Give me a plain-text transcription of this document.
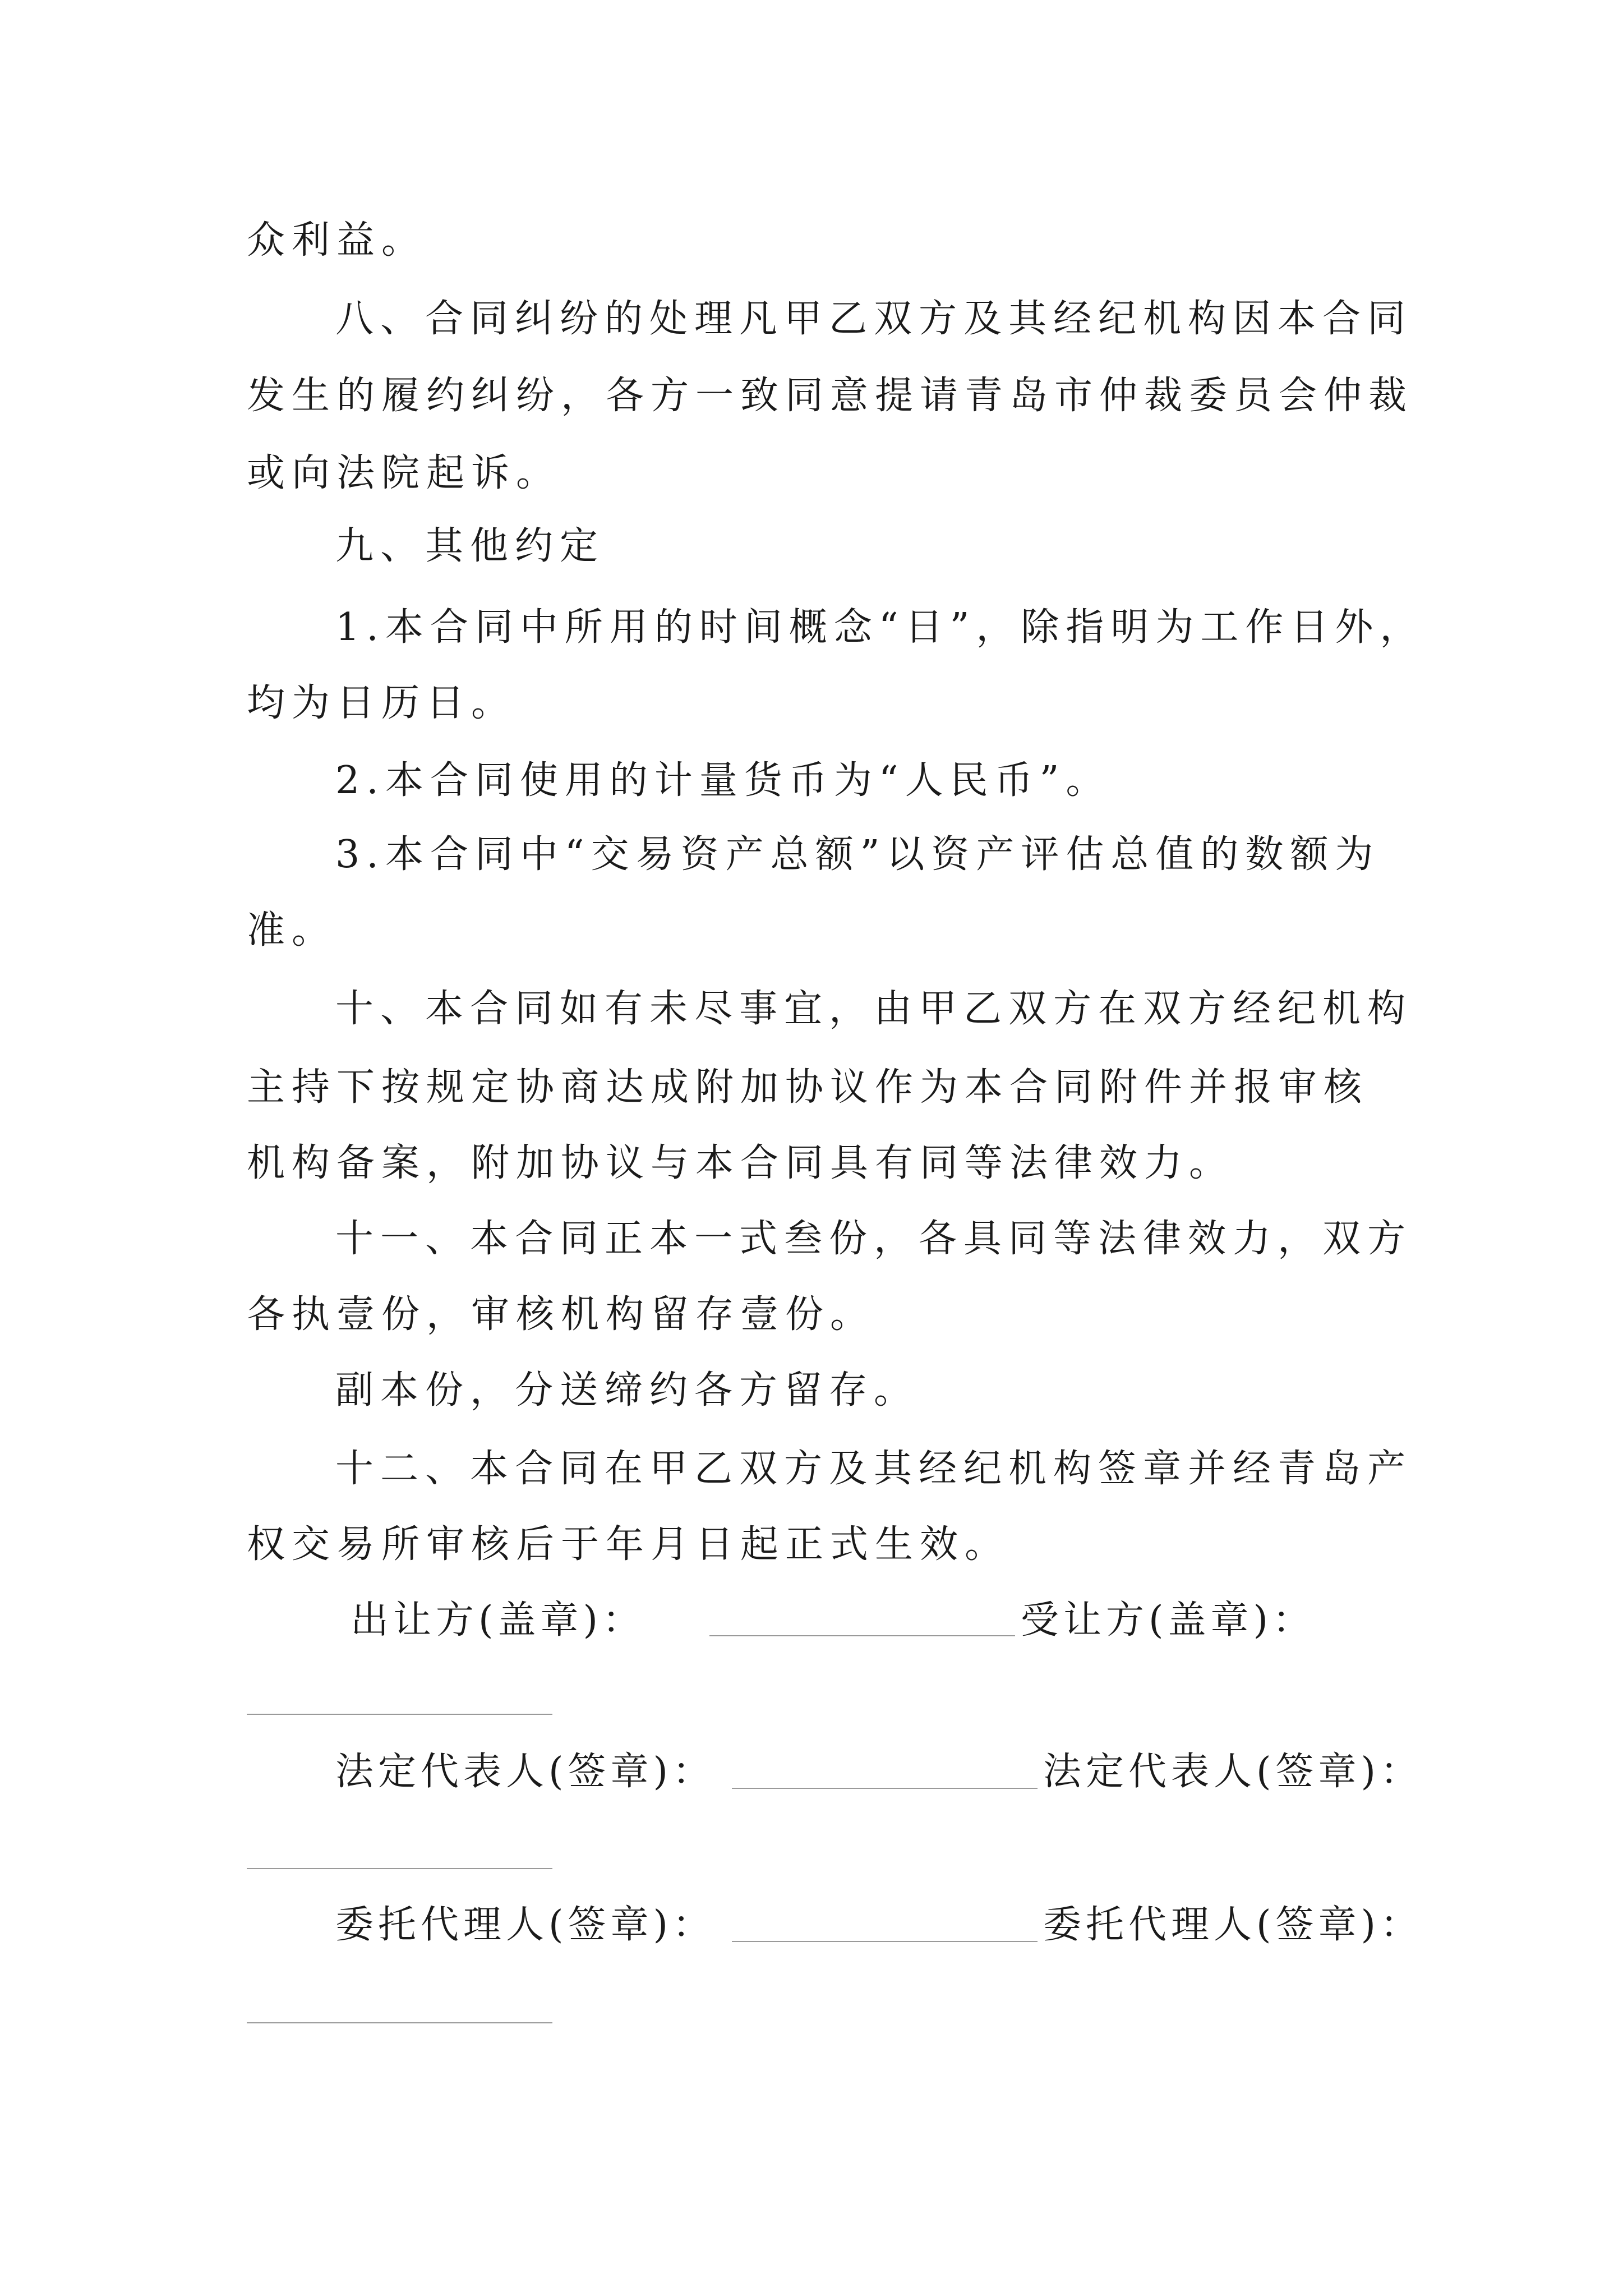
众利益。
八、合同纠纷的处理凡甲乙双方及其经纪机构因本合同
发生的履约纠纷，各方一致同意提请青岛市仲裁委员会仲裁
或向法院起诉。
九、其他约定
1.本合同中所用的时间概念“日”，除指明为工作日外，
均为日历日。
2.本合同使用的计量货币为“人民币”。
3.本合同中“交易资产总额”以资产评估总值的数额为
准。
十、本合同如有未尽事宜，由甲乙双方在双方经纪机构
主持下按规定协商达成附加协议作为本合同附件并报审核
机构备案，附加协议与本合同具有同等法律效力。
十一、本合同正本一式叁份，各具同等法律效力，双方
各执壹份，审核机构留存壹份。
副本份，分送缔约各方留存。
十二、本合同在甲乙双方及其经纪机构签章并经青岛产
权交易所审核后于年月日起正式生效。
出让方(盖章)：	受让方(盖章)：
法定代表人(签章)：	法定代表人(签章)：
委托代理人(签章)：	委托代理人(签章)：
